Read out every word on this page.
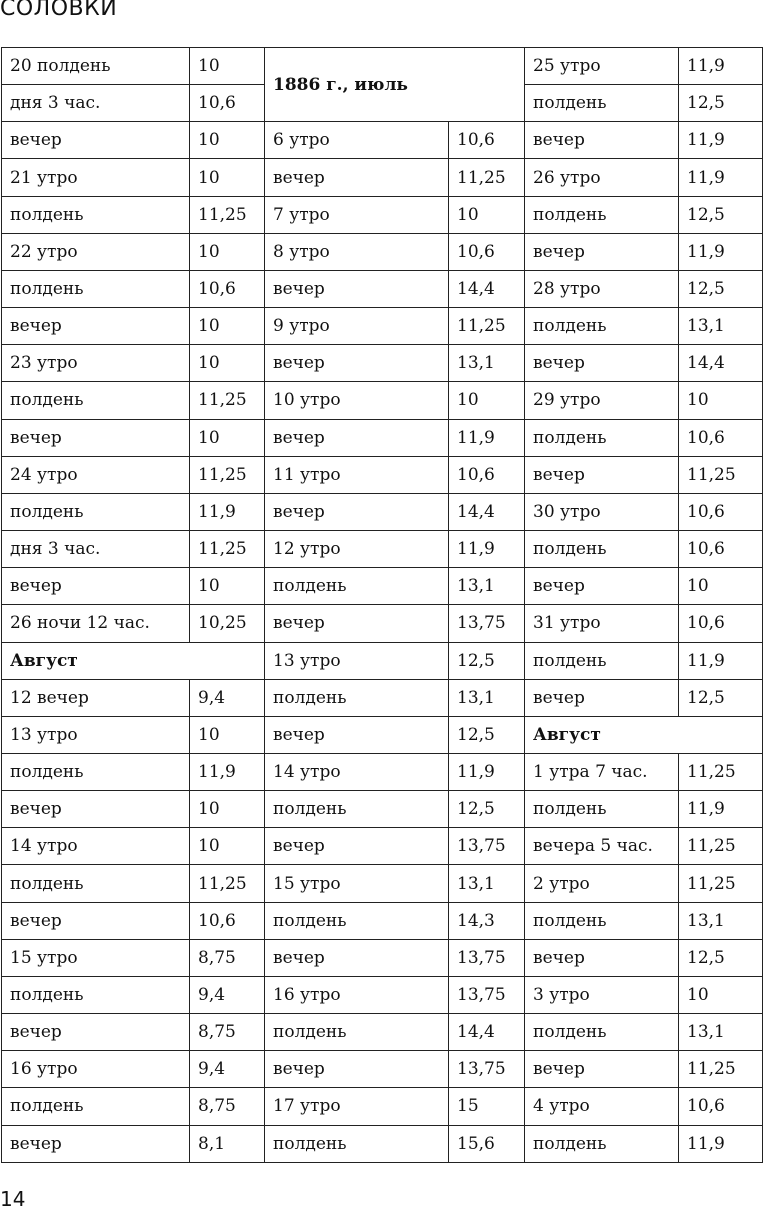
СОЛОВКИ
20 полдень	10	1886 г., июль		25 утро	11,9
дня 3 час.	10,6			полдень	12,5
вечер	10	6 утро	10,6	вечер	11,9
21 утро	10	вечер	11,25	26 утро	11,9
полдень	11,25	7 утро	10	полдень	12,5
22 утро	10	8 утро	10,6	вечер	11,9
полдень	10,6	вечер	14,4	28 утро	12,5
вечер	10	9 утро	11,25	полдень	13,1
23 утро	10	вечер	13,1	вечер	14,4
полдень	11,25	10 утро	10	29 утро	10
вечер	10	вечер	11,9	полдень	10,6
24 утро	11,25	11 утро	10,6	вечер	11,25
полдень	11,9	вечер	14,4	30 утро	10,6
дня 3 час.	11,25	12 утро	11,9	полдень	10,6
вечер	10	полдень	13,1	вечер	10
26 ночи 12 час.	10,25	вечер	13,75	31 утро	10,6
Август		13 утро	12,5	полдень	11,9
12 вечер	9,4	полдень	13,1	вечер	12,5
13 утро	10	вечер	12,5	Август	
полдень	11,9	14 утро	11,9	1 утра 7 час.	11,25
вечер	10	полдень	12,5	полдень	11,9
14 утро	10	вечер	13,75	вечера 5 час.	11,25
полдень	11,25	15 утро	13,1	2 утро	11,25
вечер	10,6	полдень	14,3	полдень	13,1
15 утро	8,75	вечер	13,75	вечер	12,5
полдень	9,4	16 утро	13,75	3 утро	10
вечер	8,75	полдень	14,4	полдень	13,1
16 утро	9,4	вечер	13,75	вечер	11,25
полдень	8,75	17 утро	15	4 утро	10,6
вечер	8,1	полдень	15,6	полдень	11,9
14
